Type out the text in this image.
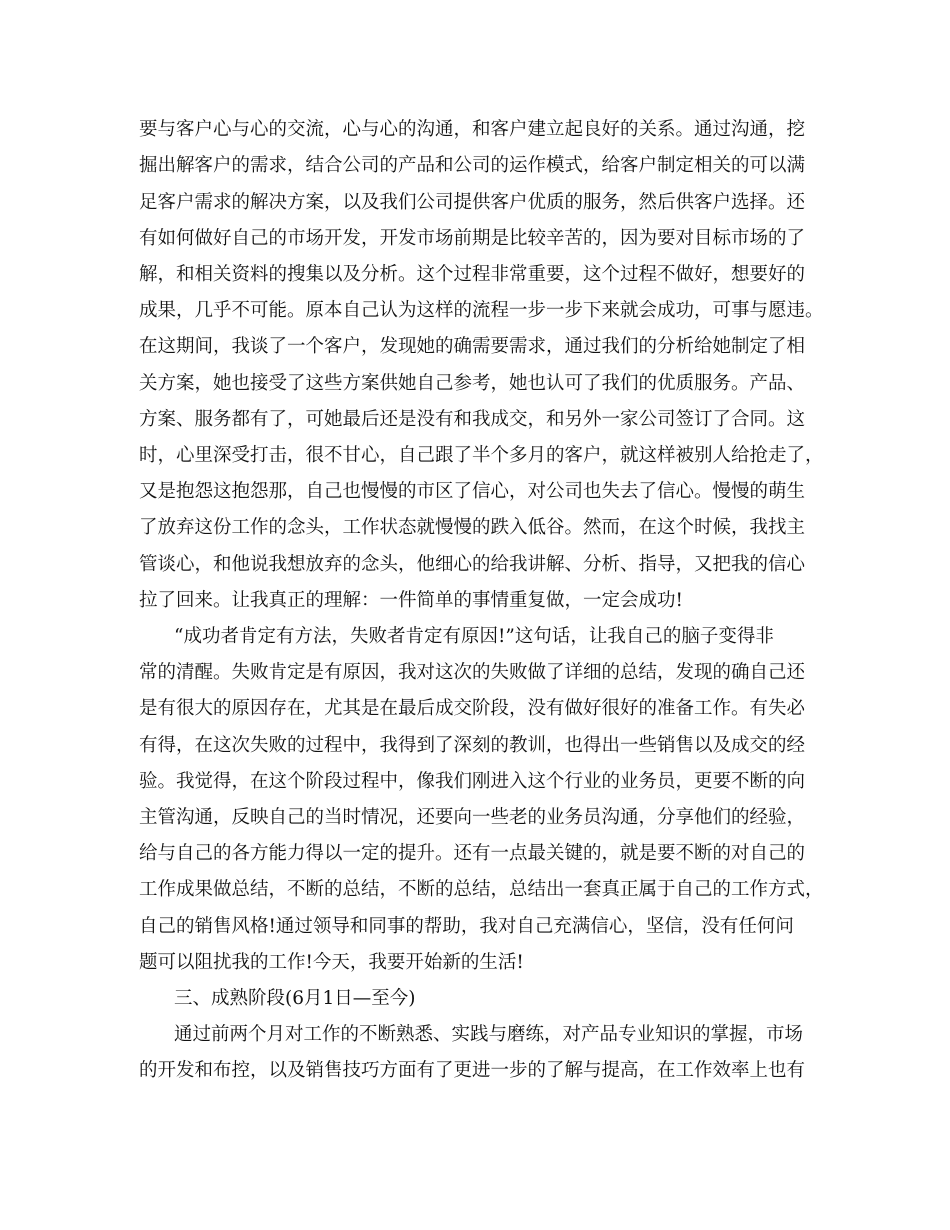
要与客户心与心的交流，心与心的沟通，和客户建立起良好的关系。通过沟通，挖
掘出解客户的需求，结合公司的产品和公司的运作模式，给客户制定相关的可以满
足客户需求的解决方案，以及我们公司提供客户优质的服务，然后供客户选择。还
有如何做好自己的市场开发，开发市场前期是比较辛苦的，因为要对目标市场的了
解，和相关资料的搜集以及分析。这个过程非常重要，这个过程不做好，想要好的
成果，几乎不可能。原本自己认为这样的流程一步一步下来就会成功，可事与愿违。
在这期间，我谈了一个客户，发现她的确需要需求，通过我们的分析给她制定了相
关方案，她也接受了这些方案供她自己参考，她也认可了我们的优质服务。产品、
方案、服务都有了，可她最后还是没有和我成交，和另外一家公司签订了合同。这
时，心里深受打击，很不甘心，自己跟了半个多月的客户，就这样被别人给抢走了，
又是抱怨这抱怨那，自己也慢慢的市区了信心，对公司也失去了信心。慢慢的萌生
了放弃这份工作的念头，工作状态就慢慢的跌入低谷。然而，在这个时候，我找主
管谈心，和他说我想放弃的念头，他细心的给我讲解、分析、指导，又把我的信心
拉了回来。让我真正的理解：一件简单的事情重复做，一定会成功!
“成功者肯定有方法，失败者肯定有原因!”这句话，让我自己的脑子变得非
常的清醒。失败肯定是有原因，我对这次的失败做了详细的总结，发现的确自己还
是有很大的原因存在，尤其是在最后成交阶段，没有做好很好的准备工作。有失必
有得，在这次失败的过程中，我得到了深刻的教训，也得出一些销售以及成交的经
验。我觉得，在这个阶段过程中，像我们刚进入这个行业的业务员，更要不断的向
主管沟通，反映自己的当时情况，还要向一些老的业务员沟通，分享他们的经验，
给与自己的各方能力得以一定的提升。还有一点最关键的，就是要不断的对自己的
工作成果做总结，不断的总结，不断的总结，总结出一套真正属于自己的工作方式，
自己的销售风格!通过领导和同事的帮助，我对自己充满信心，坚信，没有任何问
题可以阻扰我的工作!今天，我要开始新的生活!
三、成熟阶段(6月1日—至今)
通过前两个月对工作的不断熟悉、实践与磨练，对产品专业知识的掌握，市场
的开发和布控，以及销售技巧方面有了更进一步的了解与提高，在工作效率上也有
